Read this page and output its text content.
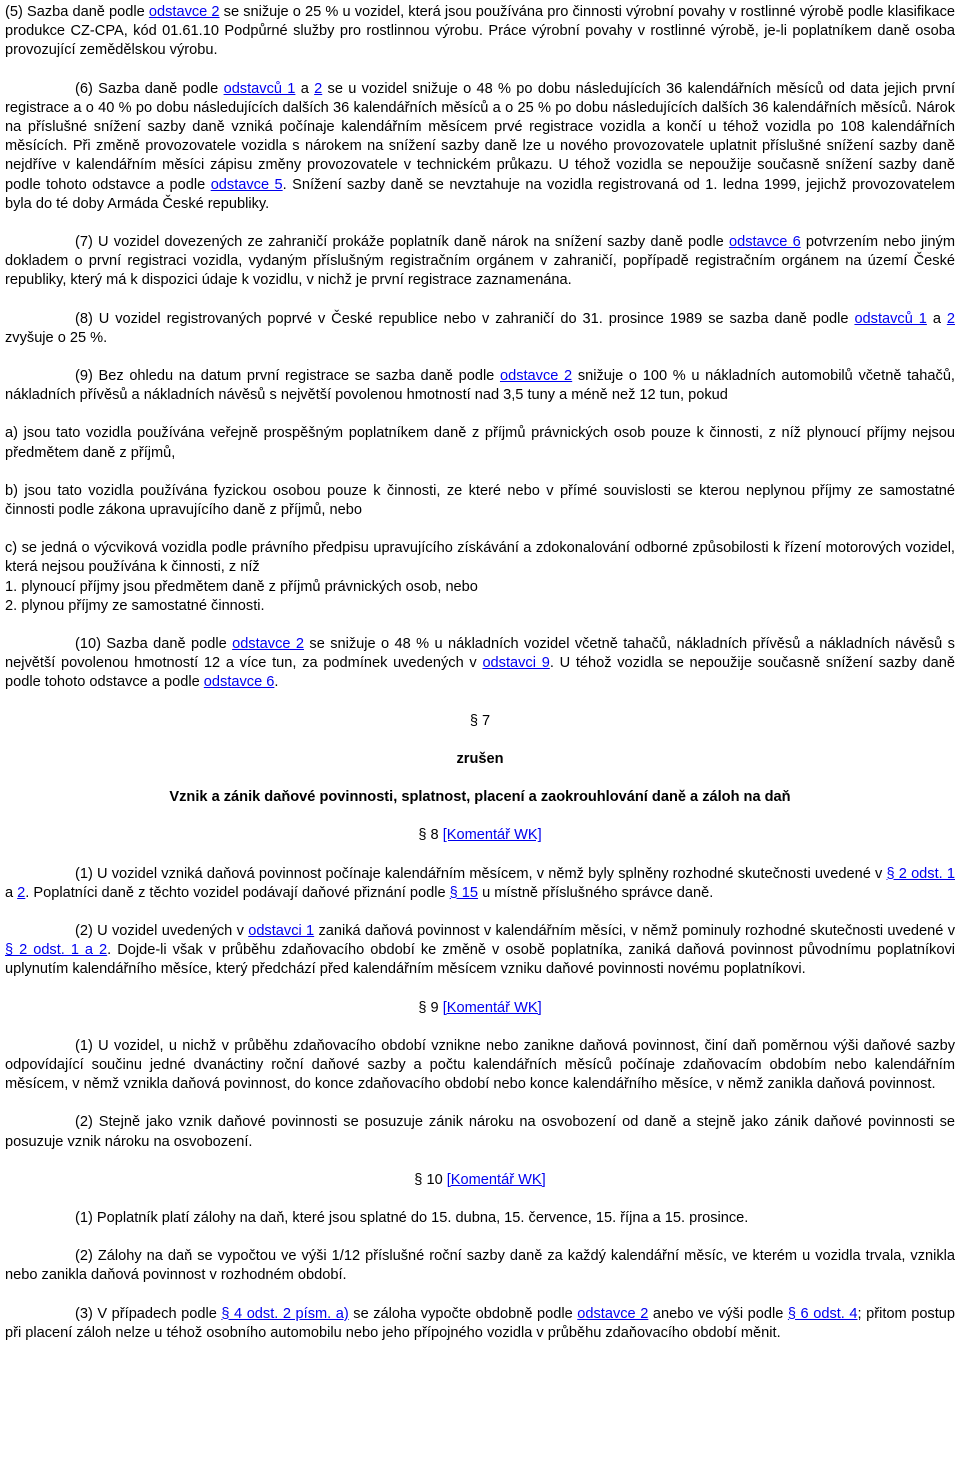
(5) Sazba daně podle odstavce 2 se snižuje o 25 % u vozidel, která jsou používána pro činnosti výrobní povahy v rostlinné výrobě podle klasifikace produkce CZ-CPA, kód 01.61.10 Podpůrné služby pro rostlinnou výrobu. Práce výrobní povahy v rostlinné výrobě, je-li poplatníkem daně osoba provozující zemědělskou výrobu.

(6) Sazba daně podle odstavců 1 a 2 se u vozidel snižuje o 48 % po dobu následujících 36 kalendářních měsíců od data jejich první registrace a o 40 % po dobu následujících dalších 36 kalendářních měsíců a o 25 % po dobu následujících dalších 36 kalendářních měsíců. Nárok na příslušné snížení sazby daně vzniká počínaje kalendářním měsícem prvé registrace vozidla a končí u téhož vozidla po 108 kalendářních měsících. Při změně provozovatele vozidla s nárokem na snížení sazby daně lze u nového provozovatele uplatnit příslušné snížení sazby daně nejdříve v kalendářním měsíci zápisu změny provozovatele v technickém průkazu. U téhož vozidla se nepoužije současně snížení sazby daně podle tohoto odstavce a podle odstavce 5. Snížení sazby daně se nevztahuje na vozidla registrovaná od 1. ledna 1999, jejichž provozovatelem byla do té doby Armáda České republiky.

(7) U vozidel dovezených ze zahraničí prokáže poplatník daně nárok na snížení sazby daně podle odstavce 6 potvrzením nebo jiným dokladem o první registraci vozidla, vydaným příslušným registračním orgánem v zahraničí, popřípadě registračním orgánem na území České republiky, který má k dispozici údaje k vozidlu, v nichž je první registrace zaznamenána.

(8) U vozidel registrovaných poprvé v České republice nebo v zahraničí do 31. prosince 1989 se sazba daně podle odstavců 1 a 2 zvyšuje o 25 %.

(9) Bez ohledu na datum první registrace se sazba daně podle odstavce 2 snižuje o 100 % u nákladních automobilů včetně tahačů, nákladních přívěsů a nákladních návěsů s největší povolenou hmotností nad 3,5 tuny a méně než 12 tun, pokud

a) jsou tato vozidla používána veřejně prospěšným poplatníkem daně z příjmů právnických osob pouze k činnosti, z níž plynoucí příjmy nejsou předmětem daně z příjmů,

b) jsou tato vozidla používána fyzickou osobou pouze k činnosti, ze které nebo v přímé souvislosti se kterou neplynou příjmy ze samostatné činnosti podle zákona upravujícího daně z příjmů, nebo

c) se jedná o výcviková vozidla podle právního předpisu upravujícího získávání a zdokonalování odborné způsobilosti k řízení motorových vozidel, která nejsou používána k činnosti, z níž

1. plynoucí příjmy jsou předmětem daně z příjmů právnických osob, nebo

2. plynou příjmy ze samostatné činnosti.

(10) Sazba daně podle odstavce 2 se snižuje o 48 % u nákladních vozidel včetně tahačů, nákladních přívěsů a nákladních návěsů s největší povolenou hmotností 12 a více tun, za podmínek uvedených v odstavci 9. U téhož vozidla se nepoužije současně snížení sazby daně podle tohoto odstavce a podle odstavce 6.

§ 7

zrušen

Vznik a zánik daňové povinnosti, splatnost, placení a zaokrouhlování daně a záloh na daň

§ 8 [Komentář WK]

(1) U vozidel vzniká daňová povinnost počínaje kalendářním měsícem, v němž byly splněny rozhodné skutečnosti uvedené v § 2 odst. 1 a 2. Poplatníci daně z těchto vozidel podávají daňové přiznání podle § 15 u místně příslušného správce daně.

(2) U vozidel uvedených v odstavci 1 zaniká daňová povinnost v kalendářním měsíci, v němž pominuly rozhodné skutečnosti uvedené v § 2 odst. 1 a 2. Dojde-li však v průběhu zdaňovacího období ke změně v osobě poplatníka, zaniká daňová povinnost původnímu poplatníkovi uplynutím kalendářního měsíce, který předchází před kalendářním měsícem vzniku daňové povinnosti novému poplatníkovi.

§ 9 [Komentář WK]

(1) U vozidel, u nichž v průběhu zdaňovacího období vznikne nebo zanikne daňová povinnost, činí daň poměrnou výši daňové sazby odpovídající součinu jedné dvanáctiny roční daňové sazby a počtu kalendářních měsíců počínaje zdaňovacím obdobím nebo kalendářním měsícem, v němž vznikla daňová povinnost, do konce zdaňovacího období nebo konce kalendářního měsíce, v němž zanikla daňová povinnost.

(2) Stejně jako vznik daňové povinnosti se posuzuje zánik nároku na osvobození od daně a stejně jako zánik daňové povinnosti se posuzuje vznik nároku na osvobození.

§ 10 [Komentář WK]

(1) Poplatník platí zálohy na daň, které jsou splatné do 15. dubna, 15. července, 15. října a 15. prosince.

(2) Zálohy na daň se vypočtou ve výši 1/12 příslušné roční sazby daně za každý kalendářní měsíc, ve kterém u vozidla trvala, vznikla nebo zanikla daňová povinnost v rozhodném období.

(3) V případech podle § 4 odst. 2 písm. a) se záloha vypočte obdobně podle odstavce 2 anebo ve výši podle § 6 odst. 4; přitom postup při placení záloh nelze u téhož osobního automobilu nebo jeho přípojného vozidla v průběhu zdaňovacího období měnit.
